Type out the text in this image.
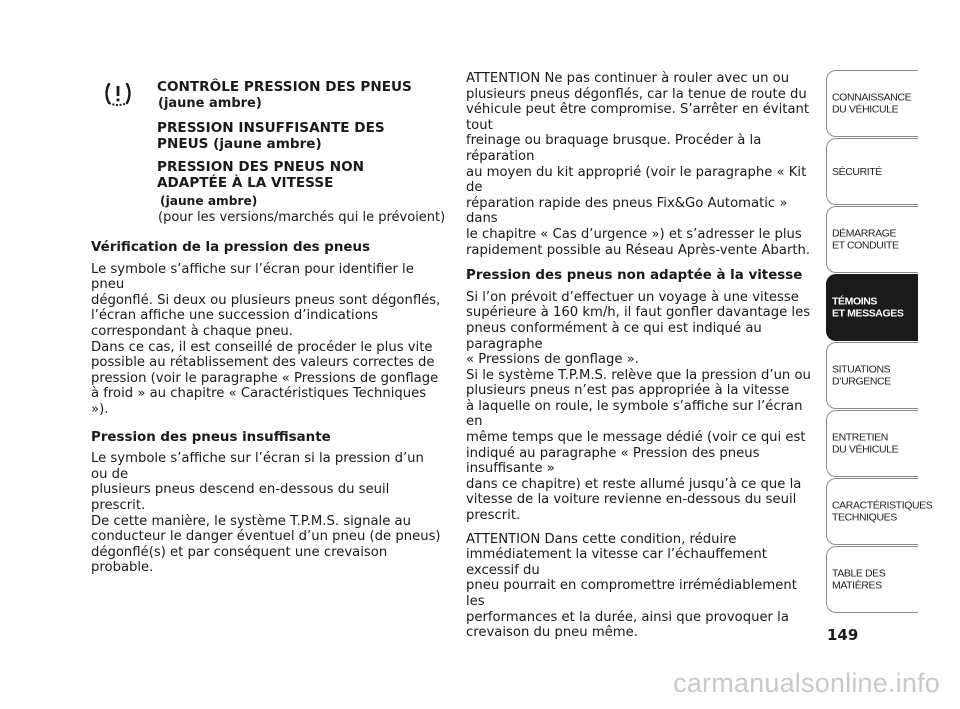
CONTRÔLE PRESSION DES PNEUS
(jaune ambre)
PRESSION INSUFFISANTE DES
PNEUS (jaune ambre)
PRESSION DES PNEUS NON
ADAPTÉE À LA VITESSE
(jaune ambre)
(pour les versions/marchés qui le prévoient)
Vérification de la pression des pneus

Le symbole s’affiche sur l’écran pour identifier le pneu
dégonflé. Si deux ou plusieurs pneus sont dégonflés,
l’écran affiche une succession d’indications
correspondant à chaque pneu.
Dans ce cas, il est conseillé de procéder le plus vite
possible au rétablissement des valeurs correctes de
pression (voir le paragraphe « Pressions de gonflage
à froid » au chapitre « Caractéristiques Techniques »).

Pression des pneus insuffisante

Le symbole s’affiche sur l’écran si la pression d’un ou de
plusieurs pneus descend en-dessous du seuil prescrit.
De cette manière, le système T.P.M.S. signale au
conducteur le danger éventuel d’un pneu (de pneus)
dégonflé(s) et par conséquent une crevaison probable.

ATTENTION Ne pas continuer à rouler avec un ou
plusieurs pneus dégonflés, car la tenue de route du
véhicule peut être compromise. S’arrêter en évitant tout
freinage ou braquage brusque. Procéder à la réparation
au moyen du kit approprié (voir le paragraphe « Kit de
réparation rapide des pneus Fix&Go Automatic » dans
le chapitre « Cas d’urgence ») et s’adresser le plus
rapidement possible au Réseau Après-vente Abarth.

Pression des pneus non adaptée à la vitesse

Si l’on prévoit d’effectuer un voyage à une vitesse
supérieure à 160 km/h, il faut gonfler davantage les
pneus conformément à ce qui est indiqué au paragraphe
« Pressions de gonflage ».
Si le système T.P.M.S. relève que la pression d’un ou
plusieurs pneus n’est pas appropriée à la vitesse
à laquelle on roule, le symbole s’affiche sur l’écran en
même temps que le message dédié (voir ce qui est
indiqué au paragraphe « Pression des pneus insuffisante »
dans ce chapitre) et reste allumé jusqu’à ce que la
vitesse de la voiture revienne en-dessous du seuil
prescrit.

ATTENTION Dans cette condition, réduire
immédiatement la vitesse car l’échauffement excessif du
pneu pourrait en compromettre irrémédiablement les
performances et la durée, ainsi que provoquer la
crevaison du pneu même.

CONNAISSANCE
DU VÉHICULE
SÉCURITÉ
DÉMARRAGE
ET CONDUITE
TÉMOINS
ET MESSAGES
SITUATIONS
D’URGENCE
ENTRETIEN
DU VÉHICULE
CARACTÉRISTIQUES
TECHNIQUES
TABLE DES
MATIÈRES
149
carmanualsonline.info
